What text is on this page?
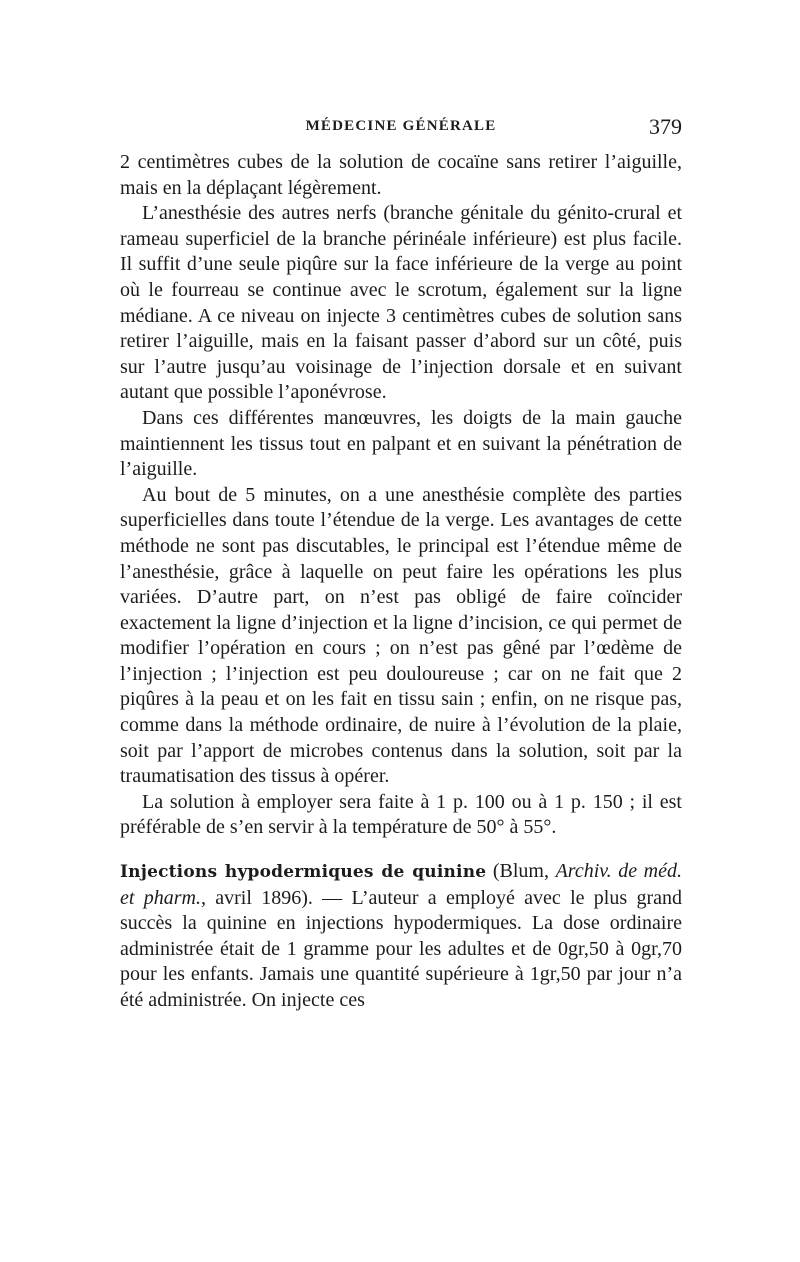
MÉDECINE GÉNÉRALE	379

2 centimètres cubes de la solution de cocaïne sans retirer l’aiguille, mais en la déplaçant légèrement.

L’anesthésie des autres nerfs (branche génitale du génito-crural et rameau superficiel de la branche périnéale inférieure) est plus facile. Il suffit d’une seule piqûre sur la face inférieure de la verge au point où le fourreau se continue avec le scrotum, également sur la ligne médiane. A ce niveau on injecte 3 centimètres cubes de solution sans retirer l’aiguille, mais en la faisant passer d’abord sur un côté, puis sur l’autre jusqu’au voisinage de l’injection dorsale et en suivant autant que possible l’aponévrose.

Dans ces différentes manœuvres, les doigts de la main gauche maintiennent les tissus tout en palpant et en suivant la pénétration de l’aiguille.

Au bout de 5 minutes, on a une anesthésie complète des parties superficielles dans toute l’étendue de la verge. Les avantages de cette méthode ne sont pas discutables, le principal est l’étendue même de l’anesthésie, grâce à laquelle on peut faire les opérations les plus variées. D’autre part, on n’est pas obligé de faire coïncider exactement la ligne d’injection et la ligne d’incision, ce qui permet de modifier l’opération en cours ; on n’est pas gêné par l’œdème de l’injection ; l’injection est peu douloureuse ; car on ne fait que 2 piqûres à la peau et on les fait en tissu sain ; enfin, on ne risque pas, comme dans la méthode ordinaire, de nuire à l’évolution de la plaie, soit par l’apport de microbes contenus dans la solution, soit par la traumatisation des tissus à opérer.

La solution à employer sera faite à 1 p. 100 ou à 1 p. 150 ; il est préférable de s’en servir à la température de 50° à 55°.

Injections hypodermiques de quinine (Blum, Archiv. de méd. et pharm., avril 1896). — L’auteur a employé avec le plus grand succès la quinine en injections hypodermiques. La dose ordinaire administrée était de 1 gramme pour les adultes et de 0gr,50 à 0gr,70 pour les enfants. Jamais une quantité supérieure à 1gr,50 par jour n’a été administrée. On injecte ces
